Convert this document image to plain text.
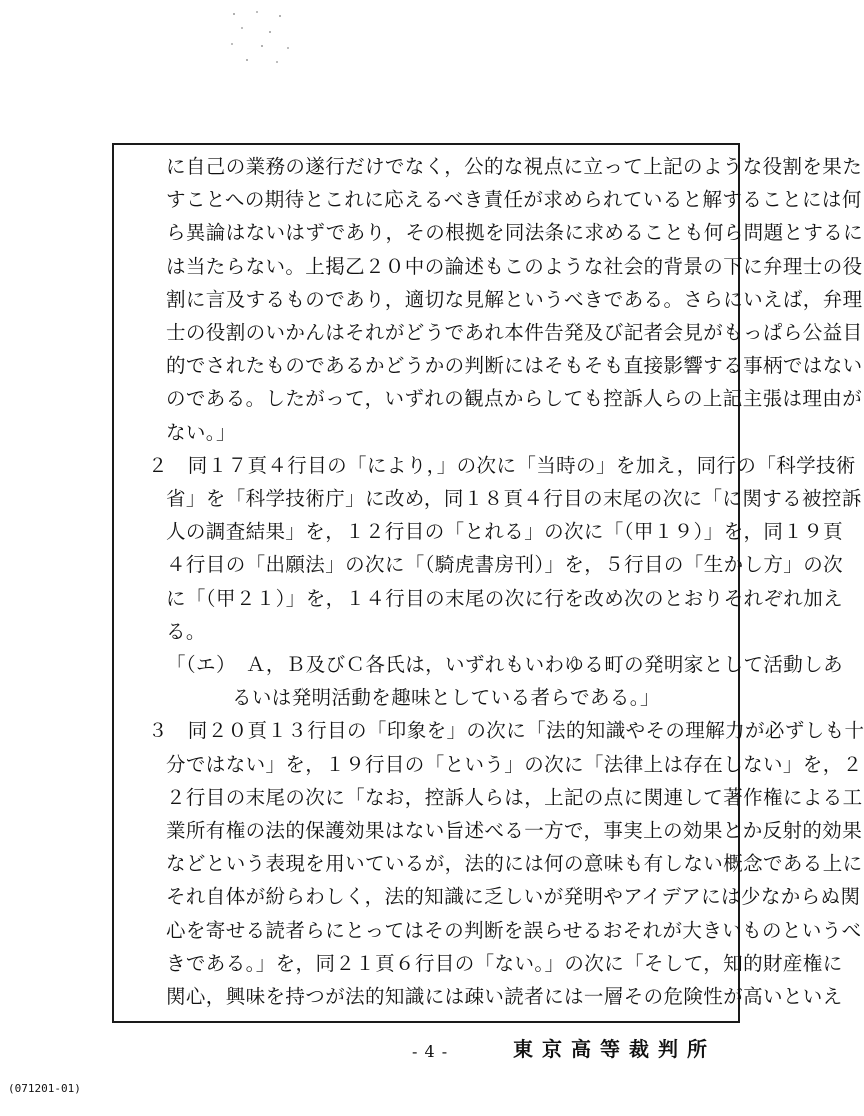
に自己の業務の遂行だけでなく，公的な視点に立って上記のような役割を果た
すことへの期待とこれに応えるべき責任が求められていると解することには何
ら異論はないはずであり，その根拠を同法条に求めることも何ら問題とするに
は当たらない。上掲乙２０中の論述もこのような社会的背景の下に弁理士の役
割に言及するものであり，適切な見解というべきである。さらにいえば，弁理
士の役割のいかんはそれがどうであれ本件告発及び記者会見がもっぱら公益目
的でされたものであるかどうかの判断にはそもそも直接影響する事柄ではない
のである。したがって，いずれの観点からしても控訴人らの上記主張は理由が
ない。」
２　同１７頁４行目の「により，」の次に「当時の」を加え，同行の「科学技術
省」を「科学技術庁」に改め，同１８頁４行目の末尾の次に「に関する被控訴
人の調査結果」を，１２行目の「とれる」の次に「（甲１９）」を，同１９頁
４行目の「出願法」の次に「（騎虎書房刊）」を，５行目の「生かし方」の次
に「（甲２１）」を，１４行目の末尾の次に行を改め次のとおりそれぞれ加え
る。
「（エ）　Ａ，Ｂ及びＣ各氏は，いずれもいわゆる町の発明家として活動しあ
るいは発明活動を趣味としている者らである。」
３　同２０頁１３行目の「印象を」の次に「法的知識やその理解力が必ずしも十
分ではない」を，１９行目の「という」の次に「法律上は存在しない」を，２
２行目の末尾の次に「なお，控訴人らは，上記の点に関連して著作権による工
業所有権の法的保護効果はない旨述べる一方で，事実上の効果とか反射的効果
などという表現を用いているが，法的には何の意味も有しない概念である上に
それ自体が紛らわしく，法的知識に乏しいが発明やアイデアには少なからぬ関
心を寄せる読者らにとってはその判断を誤らせるおそれが大きいものというべ
きである。」を，同２１頁６行目の「ない。」の次に「そして，知的財産権に
関心，興味を持つが法的知識には疎い読者には一層その危険性が高いといえ
- 4 -	東京高等裁判所
(071201-01)
